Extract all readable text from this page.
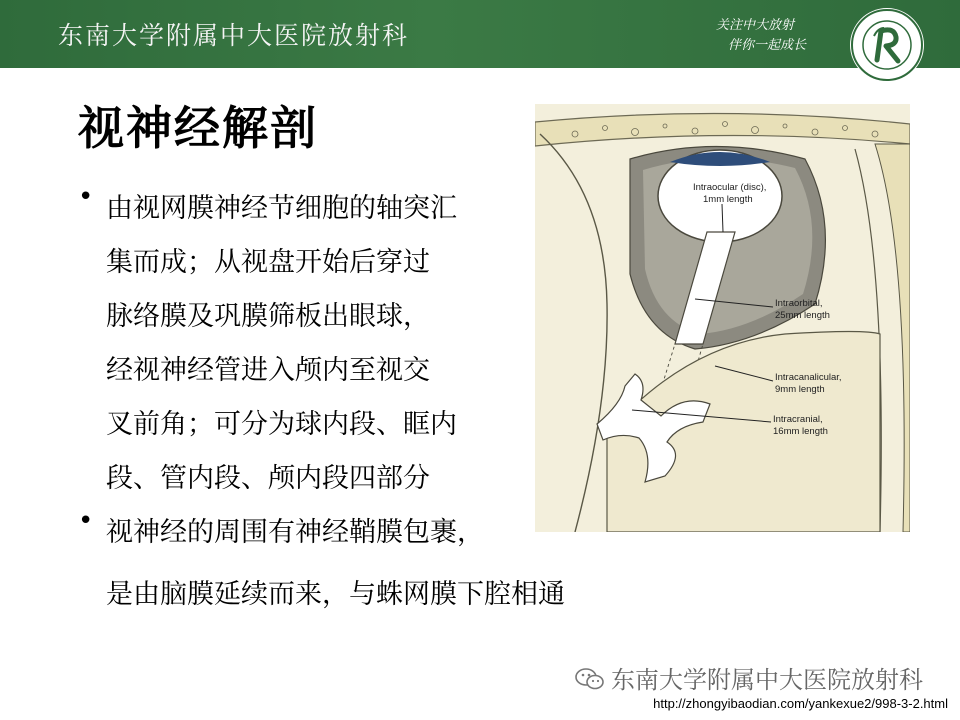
东南大学附属中大医院放射科	关注中大放射
伴你一起成长
视神经解剖
• 由视网膜神经节细胞的轴突汇
集而成；从视盘开始后穿过
脉络膜及巩膜筛板出眼球，
经视神经管进入颅内至视交
叉前角；可分为球内段、眶内
段、管内段、颅内段四部分
• 视神经的周围有神经鞘膜包裹，
是由脑膜延续而来，与蛛网膜下腔相通
Intraocular (disc),
1mm length
Intraorbital,
25mm length
Intracanalicular,
9mm length
Intracranial,
16mm length
东南大学附属中大医院放射科
http://zhongyibaodian.com/yankexue2/998-3-2.html
